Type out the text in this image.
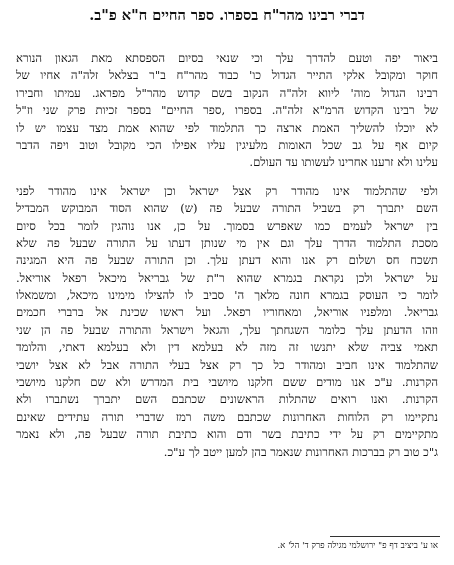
דברי רבינו מהר"ח בספרו. ספר החיים ח"א פ"ב.
ביאור יפה וטעם להדרך עלך וכי שנאי בסיום הספסתא מאת הגאון הנורא
חוקר ומקובל אלקי התייר הגדול כו' כבוד מהר"ח ב"ר בצלאל זלה"ה אחיו של
רבינו הגדול מוה' ליווא זלה"ה הנקוב בשם קדוש מהר"ל מפראג. עמיתו וחבירו
של רבינו הקדוש הרמ"א זלה"ה. בספרו ,ספר החיים" בספר זכיות פרק שני וז"ל
לא יוכלו להשליך האמת ארצה כך התלמוד לפי שהוא אמת מצד עצמו יש לו
קיום אף על גב שכל האומות מלעיגין עליו אפילו הכי מקובל וטוב ויפה הדבר
עלינו ולא זרענו אחרינו לעשותו עד העולם.
ולפי שהתלמוד אינו מהודר רק אצל ישראל וכן ישראל אינו מהודר לפני
השם יתברך רק בשביל התורה שבעל פה (ש) שהוא הסוד המבוקש המבדיל
בין ישראל לעמים כמו שאפרש בסמוך. על כן, אנו נוהגין לומר בכל סיום
מסכת התלמוד הדרך עלך וגם אין מי שנותן דעתו על התורה שבעל פה שלא
תשכח חס ושלום רק אנו והוא דעתן עלך. וכן התורה שבעל פה היא המגינה
על ישראל ולכן נקראת בגמרא שהוא ר"ת של גבריאל מיכאל רפאל אוריאל.
לומר כי העוסק בגמרא חונה מלאך ה' סביב לו להצילו מימינו מיכאל, ומשמאלו
גבריאל. ומלפניו אוריאל, ומאחוריו רפאל. ועל ראשו שכינת אל ברברי חכמים
וזהו הדעתן עלך כלומר השגחתך עלך, והגאל וישראל והתורה שבעל פה הן שני
תאמי צביה שלא יתנשו זה מזה לא בעלמא דין ולא בעלמא דאתי, והלומד
שהתלמוד אינו חביב ומהודר כל כך רק אצל בעלי התורה אבל לא אצל יושבי
הקרנות. ע"כ אנו מודים ששם חלקנו מיושבי בית המדרש ולא שם חלקנו מיושבי
הקרנות. ואנו רואים שהתלות הראשונים שכתבם השם יתברך נשתברו ולא
נתקיימו רק הלוחות האחרונות שכתבם משה רמז שדברי תורה עתידים שאינם
מתקיימים רק על ידי כתיבת בשר ודם והוא כתיבת תורה שבעל פה, ולא נאמר
ג"כ טוב רק בברכות האחרונות שנאמר בהן למען ייטב לך ע"כ.
או ע' ביציב דף פ" ירושלמי מגילה פרק ד' הל' א.
